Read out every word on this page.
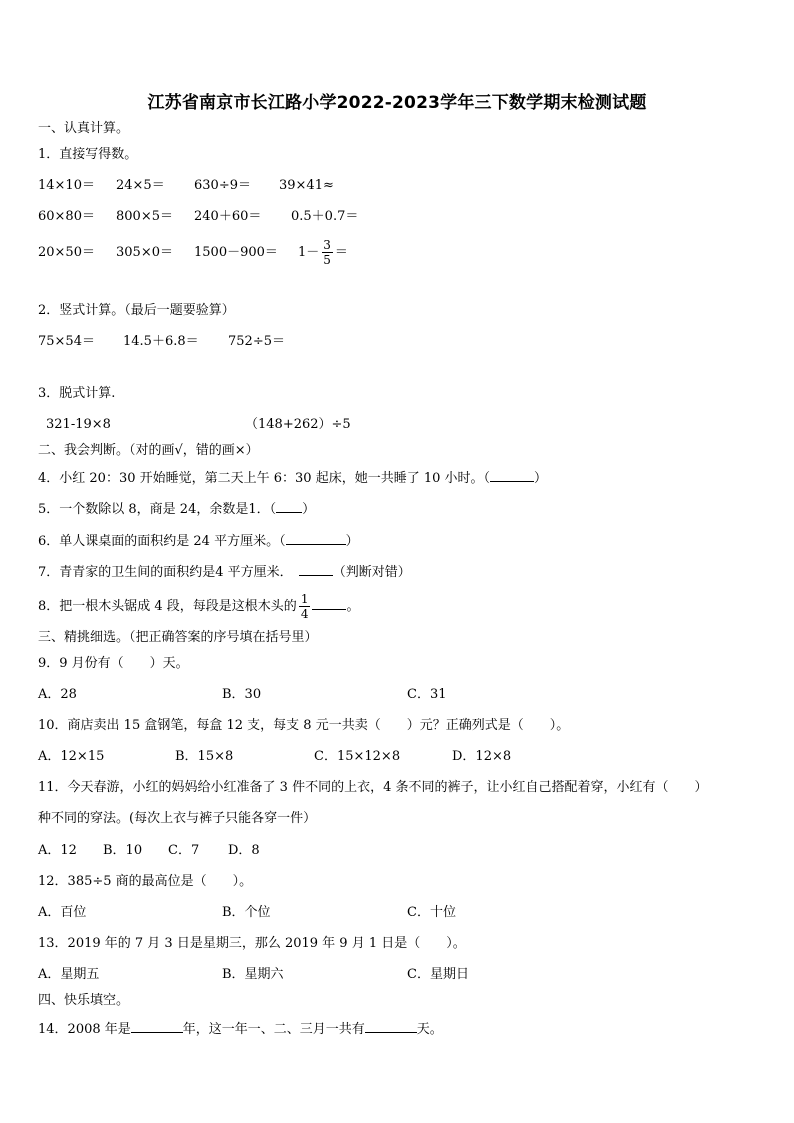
江苏省南京市长江路小学2022-2023学年三下数学期末检测试题
一、认真计算。
1．直接写得数。
14×10＝ 24×5＝ 630÷9＝ 39×41≈
60×80＝ 800×5＝ 240＋60＝ 0.5＋0.7＝
$20\times 50= 305\times 0= 1500-900= 1- \frac{3}{5}$ ＝
2．竖式计算。（最后一题要验算）
75×54＝ 14.5＋6.8＝ 752÷5＝
3．脱式计算.
321-19×8	（148+262）÷5
二、我会判断。（对的画√，错的画×）
4．小红 20：30 开始睡觉，第二天上午 6：30 起床，她一共睡了 10 小时。（	）
5．一个数除以 8，商是 24，余数是1．（ ）
6．单人课桌面的面积约是 24 平方厘米。（	）
7．青青家的卫生间的面积约是4 平方厘米．	（判断对错）
8．把一根木头锯成 4 段，每段是这根木头的 $\frac{1}{4}$	。
三、精挑细选。（把正确答案的序号填在括号里）
9．9 月份有（　　）天。
A．28	B．30	C．31
10．商店卖出 15 盒钢笔，每盒 12 支，每支 8 元一共卖（　　）元？正确列式是（　　）。
A．12×15	B．15×8	C．15×12×8	D．12×8
11．今天春游，小红的妈妈给小红准备了 3 件不同的上衣，4 条不同的裤子，让小红自己搭配着穿，小红有（　　）
种不同的穿法。(每次上衣与裤子只能各穿一件）
A．12 B．10 C．7 D．8
12．385÷5 商的最高位是（　　）。
A．百位	B．个位	C．十位
13．2019 年的 7 月 3 日是星期三，那么 2019 年 9 月 1 日是（　　）。
A．星期五	B．星期六	C．星期日
四、快乐填空。
14．2008 年是	年，这一年一、二、三月一共有	天。
